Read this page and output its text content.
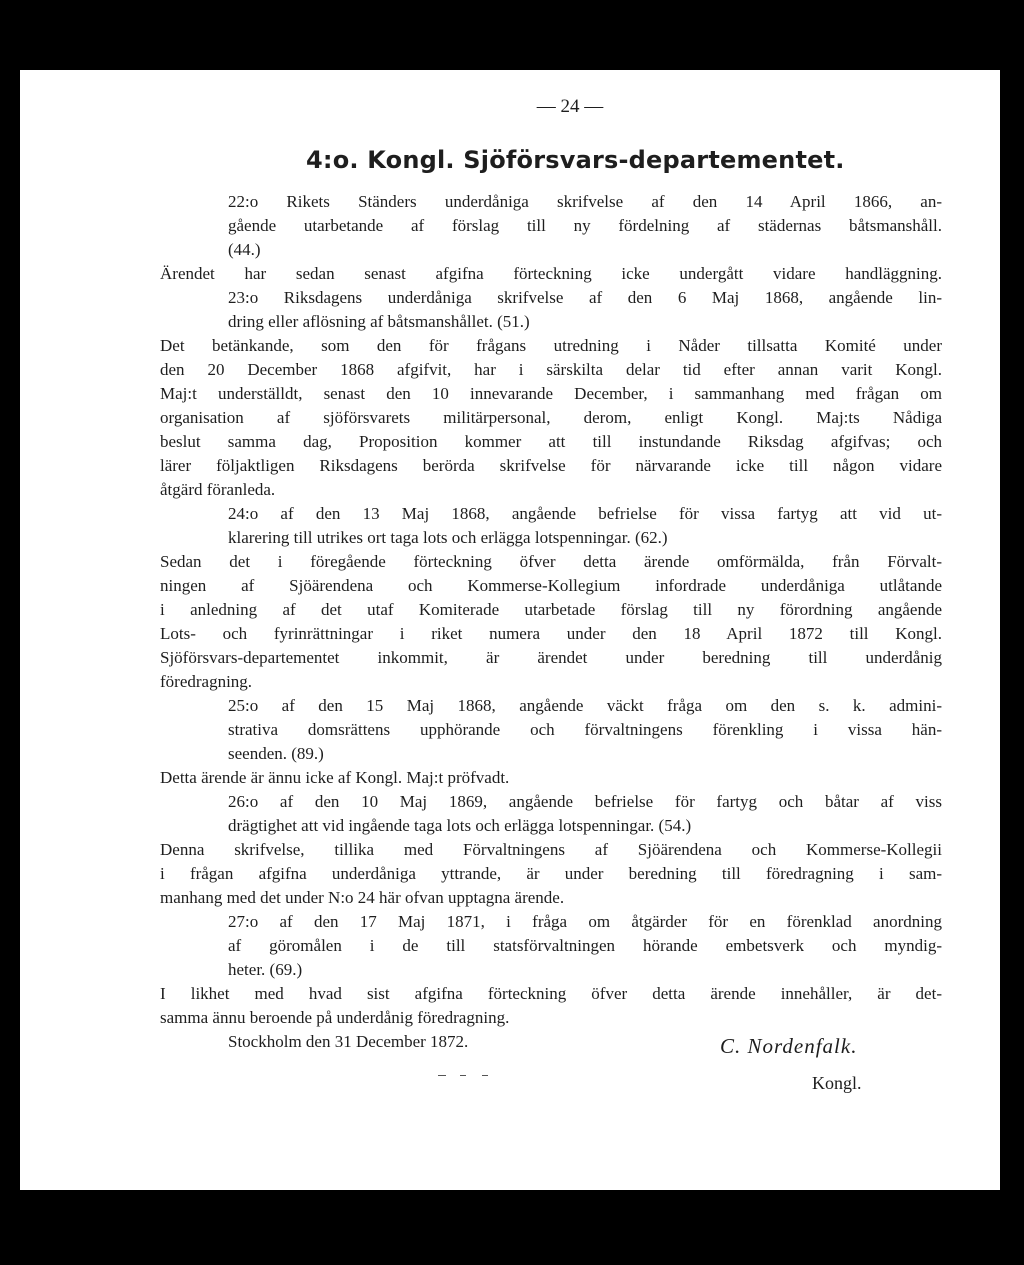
— 24 —
4:o. Kongl. Sjöförsvars-departementet.
22:o Rikets Ständers underdåniga skrifvelse af den 14 April 1866, an-
gående utarbetande af förslag till ny fördelning af städernas båtsmanshåll.
(44.)
Ärendet har sedan senast afgifna förteckning icke undergått vidare handläggning.
23:o Riksdagens underdåniga skrifvelse af den 6 Maj 1868, angående lin-
dring eller aflösning af båtsmanshållet. (51.)
Det betänkande, som den för frågans utredning i Nåder tillsatta Komité under
den 20 December 1868 afgifvit, har i särskilta delar tid efter annan varit Kongl.
Maj:t underställdt, senast den 10 innevarande December, i sammanhang med frågan om
organisation af sjöförsvarets militärpersonal, derom, enligt Kongl. Maj:ts Nådiga
beslut samma dag, Proposition kommer att till instundande Riksdag afgifvas; och
lärer följaktligen Riksdagens berörda skrifvelse för närvarande icke till någon vidare
åtgärd föranleda.
24:o af den 13 Maj 1868, angående befrielse för vissa fartyg att vid ut-
klarering till utrikes ort taga lots och erlägga lotspenningar. (62.)
Sedan det i föregående förteckning öfver detta ärende omförmälda, från Förvalt-
ningen af Sjöärendena och Kommerse-Kollegium infordrade underdåniga utlåtande
i anledning af det utaf Komiterade utarbetade förslag till ny förordning angående
Lots- och fyrinrättningar i riket numera under den 18 April 1872 till Kongl.
Sjöförsvars-departementet inkommit, är ärendet under beredning till underdånig
föredragning.
25:o af den 15 Maj 1868, angående väckt fråga om den s. k. admini-
strativa domsrättens upphörande och förvaltningens förenkling i vissa hän-
seenden. (89.)
Detta ärende är ännu icke af Kongl. Maj:t pröfvadt.
26:o af den 10 Maj 1869, angående befrielse för fartyg och båtar af viss
drägtighet att vid ingående taga lots och erlägga lotspenningar. (54.)
Denna skrifvelse, tillika med Förvaltningens af Sjöärendena och Kommerse-Kollegii
i frågan afgifna underdåniga yttrande, är under beredning till föredragning i sam-
manhang med det under N:o 24 här ofvan upptagna ärende.
27:o af den 17 Maj 1871, i fråga om åtgärder för en förenklad anordning
af göromålen i de till statsförvaltningen hörande embetsverk och myndig-
heter. (69.)
I likhet med hvad sist afgifna förteckning öfver detta ärende innehåller, är det-
samma ännu beroende på underdånig föredragning.
Stockholm den 31 December 1872.	C. Nordenfalk.
Kongl.
